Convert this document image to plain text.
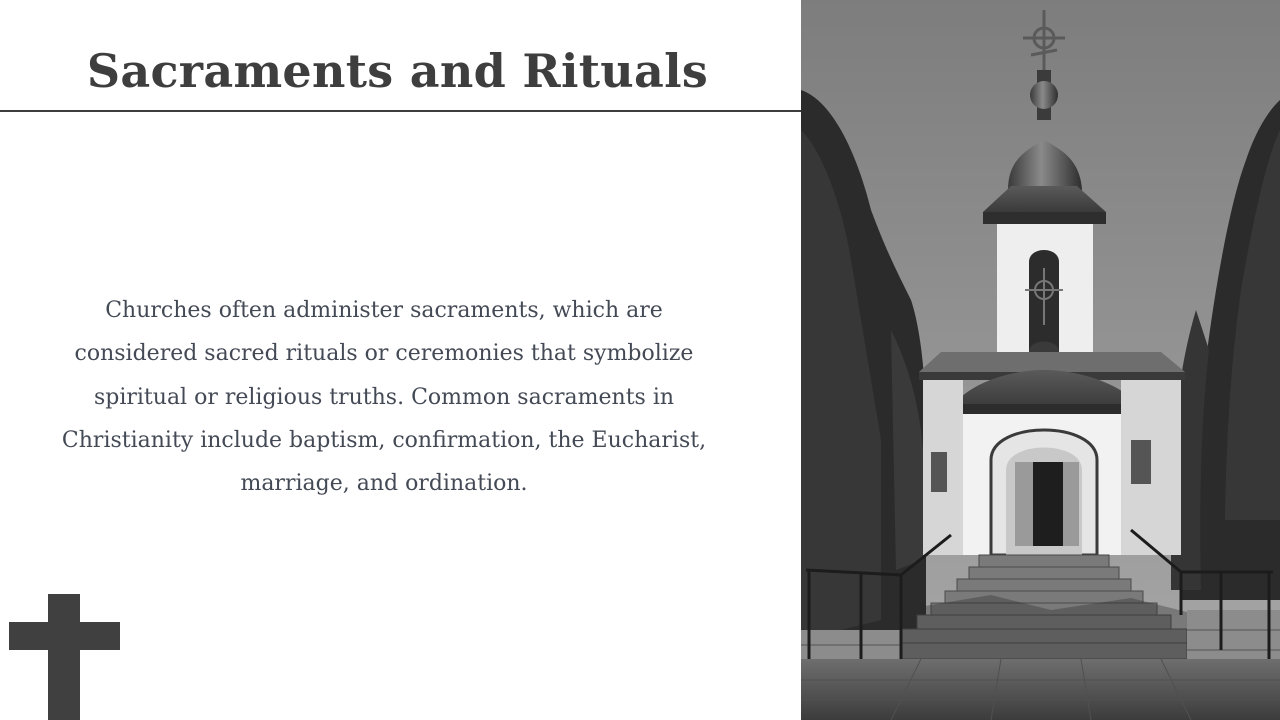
Sacraments and Rituals
Churches often administer sacraments, which are considered sacred rituals or ceremonies that symbolize spiritual or religious truths. Common sacraments in Christianity include baptism, confirmation, the Eucharist, marriage, and ordination.
